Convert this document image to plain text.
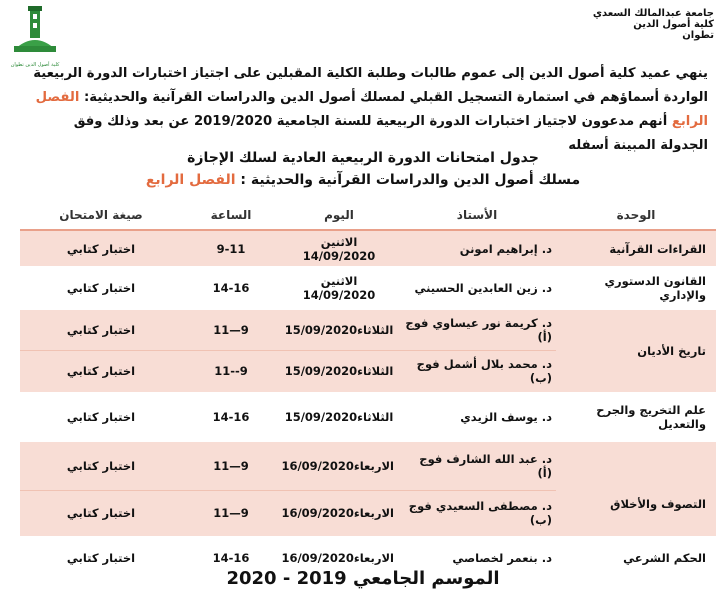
كلية أصول الدين تطوان
جامعة عبدالمالك السعدي
كلية أصول الدين
تطوان
ينهي عميد كلية أصول الدين إلى عموم طالبات وطلبة الكلية المقبلين على اجتياز اختبارات الدورة الربيعية الواردة أسماؤهم في استمارة التسجيل القبلي لمسلك أصول الدين والدراسات القرآنية والحديثية: الفصل الرابع أنهم مدعوون لاجتياز اختبارات الدورة الربيعية للسنة الجامعية 2019/2020 عن بعد وذلك وفق الجدولة المبينة أسفله
جدول امتحانات الدورة الربيعية العادية لسلك الإجازة
مسلك أصول الدين والدراسات القرآنية والحديثية : الفصل الرابع
الوحدة	الأستاذ	اليوم	الساعة	صيغة الامتحان
القراءات القرآنية	د. إبراهيم امونن	الاثنين 14/09/2020	9-11	اختبار كتابي
القانون الدستوري والإداري	د. زين العابدين الحسيني	الاثنين 14/09/2020	14-16	اختبار كتابي
تاريخ الأديان	د. كريمة نور عيساوي فوج (أ)	الثلاثاء15/09/2020	9—11	اختبار كتابي
	د. محمد بلال أشمل فوج (ب)	الثلاثاء15/09/2020	9--11	اختبار كتابي
علم التخريج والجرح والتعديل	د. يوسف الزيدي	الثلاثاء15/09/2020	14-16	اختبار كتابي
التصوف والأخلاق	د. عبد الله الشارف فوج (أ)	الاربعاء16/09/2020	9—11	اختبار كتابي
	د. مصطفى السعيدي فوج (ب)	الاربعاء16/09/2020	9—11	اختبار كتابي
الحكم الشرعي	د. بنعمر لخصاصي	الاربعاء16/09/2020	14-16	اختبار كتابي
الموسم الجامعي 2019 - 2020
